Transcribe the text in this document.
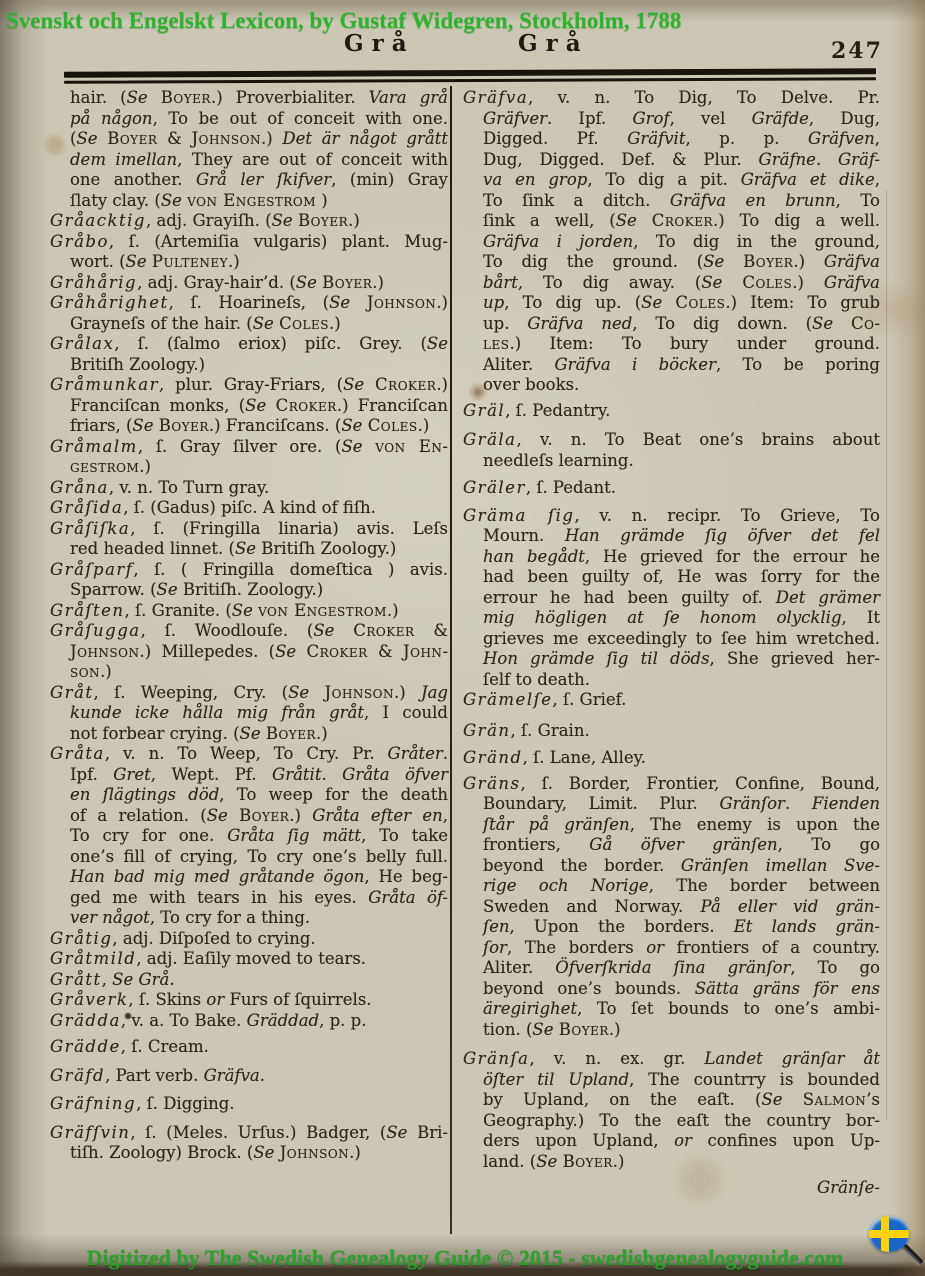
Svenskt och Engelskt Lexicon, by Gustaf Widegren, Stockholm, 1788
Grå	Grå	247
hair. (Se Boyer.) Proverbialiter. Vara grå
på någon, To be out of conceit with one.
(Se Boyer & Johnson.) Det är något grått
dem imellan, They are out of conceit with
one another. Grå ler ſkifver, (min) Gray
ſlaty clay. (Se von Engestrom )
Gråacktig, adj. Grayiſh. (Se Boyer.)
Gråbo, ſ. (Artemiſia vulgaris) plant. Mug-
wort. (Se Pulteney.)
Gråhårig, adj. Gray-hair’d. (Se Boyer.)
Gråhårighet, ſ. Hoarineſs, (Se Johnson.)
Grayneſs of the hair. (Se Coles.)
Grålax, ſ. (ſalmo eriox) piſc. Grey. (Se
Britiſh Zoology.)
Gråmunkar, plur. Gray-Friars, (Se Croker.)
Franciſcan monks, (Se Croker.) Franciſcan
friars, (Se Boyer.) Franciſcans. (Se Coles.)
Gråmalm, ſ. Gray ſilver ore. (Se von En-
gestrom.)
Gråna, v. n. To Turn gray.
Gråſida, ſ. (Gadus) piſc. A kind of fiſh.
Gråſiſka, ſ. (Fringilla linaria) avis. Leſs
red headed linnet. (Se Britiſh Zoology.)
Gråſparf, ſ. ( Fringilla domeſtica ) avis.
Sparrow. (Se Britiſh. Zoology.)
Gråſten, ſ. Granite. (Se von Engestrom.)
Gråſugga, ſ. Woodlouſe. (Se Croker &
Johnson.) Millepedes. (Se Croker & John-
son.)
Gråt, ſ. Weeping, Cry. (Se Johnson.) Jag
kunde icke hålla mig från gråt, I could
not forbear crying. (Se Boyer.)
Gråta, v. n. To Weep, To Cry. Pr. Gråter.
Ipf. Gret, Wept. Pf. Gråtit. Gråta öfver
en ſlägtings död, To weep for the death
of a relation. (Se Boyer.) Gråta efter en,
To cry for one. Gråta ſig mätt, To take
one’s fill of crying, To cry one’s belly full.
Han bad mig med gråtande ögon, He beg-
ged me with tears in his eyes. Gråta öf-
ver något, To cry for a thing.
Gråtig, adj. Diſpoſed to crying.
Gråtmild, adj. Eaſily moved to tears.
Grått, Se Grå.
Gråverk, ſ. Skins or Furs of ſquirrels.
Grädda, v. a. To Bake. Gräddad, p. p.
Grädde, ſ. Cream.
Gräfd, Part verb. Gräfva.
Gräfning, ſ. Digging.
Gräfſvin, ſ. (Meles. Urſus.) Badger, (Se Bri-
tiſh. Zoology) Brock. (Se Johnson.)
Gräfva, v. n. To Dig, To Delve. Pr.
Gräfver. Ipf. Grof, vel Gräfde, Dug,
Digged. Pf. Gräfvit, p. p. Gräfven,
Dug, Digged. Def. & Plur. Gräfne. Gräf-
va en grop, To dig a pit. Gräfva et dike,
To ſink a ditch. Gräfva en brunn, To
ſink a well, (Se Croker.) To dig a well.
Gräfva i jorden, To dig in the ground,
To dig the ground. (Se Boyer.) Gräfva
bårt, To dig away. (Se Coles.) Gräfva
up, To dig up. (Se Coles.) Item: To grub
up. Gräfva ned, To dig down. (Se Co-
les.) Item: To bury under ground.
Aliter. Gräfva i böcker, To be poring
over books.
Gräl, ſ. Pedantry.
Gräla, v. n. To Beat one’s brains about
needleſs learning.
Gräler, ſ. Pedant.
Gräma ſig, v. n. recipr. To Grieve, To
Mourn. Han grämde ſig öfver det fel
han begådt, He grieved for the errour he
had been guilty of, He was ſorry for the
errour he had been guilty of. Det grämer
mig högligen at ſe honom olycklig, It
grieves me exceedingly to ſee him wretched.
Hon grämde ſig til döds, She grieved her-
ſelf to death.
Grämelſe, ſ. Grief.
Grän, ſ. Grain.
Gränd, ſ. Lane, Alley.
Gräns, ſ. Border, Frontier, Confine, Bound,
Boundary, Limit. Plur. Gränſor. Fienden
ſtår på gränſen, The enemy is upon the
frontiers, Gå öfver gränſen, To go
beyond the border. Gränſen imellan Sve-
rige och Norige, The border between
Sweden and Norway. På eller vid grän-
ſen, Upon the borders. Et lands grän-
ſor, The borders or frontiers of a country.
Aliter. Öfverſkrida ſina gränſor, To go
beyond one’s bounds. Sätta gräns för ens
äregirighet, To ſet bounds to one’s ambi-
tion. (Se Boyer.)
Gränſa, v. n. ex. gr. Landet gränſar åt
öſter til Upland, The countrry is bounded
by Upland, on the eaſt. (Se Salmon’s
Geography.) To the eaſt the country bor-
ders upon Upland, or confines upon Up-
land. (Se Boyer.)
Gränſe-
Digitized by The Swedish Genealogy Guide © 2015 - swedishgenealogyguide.com
